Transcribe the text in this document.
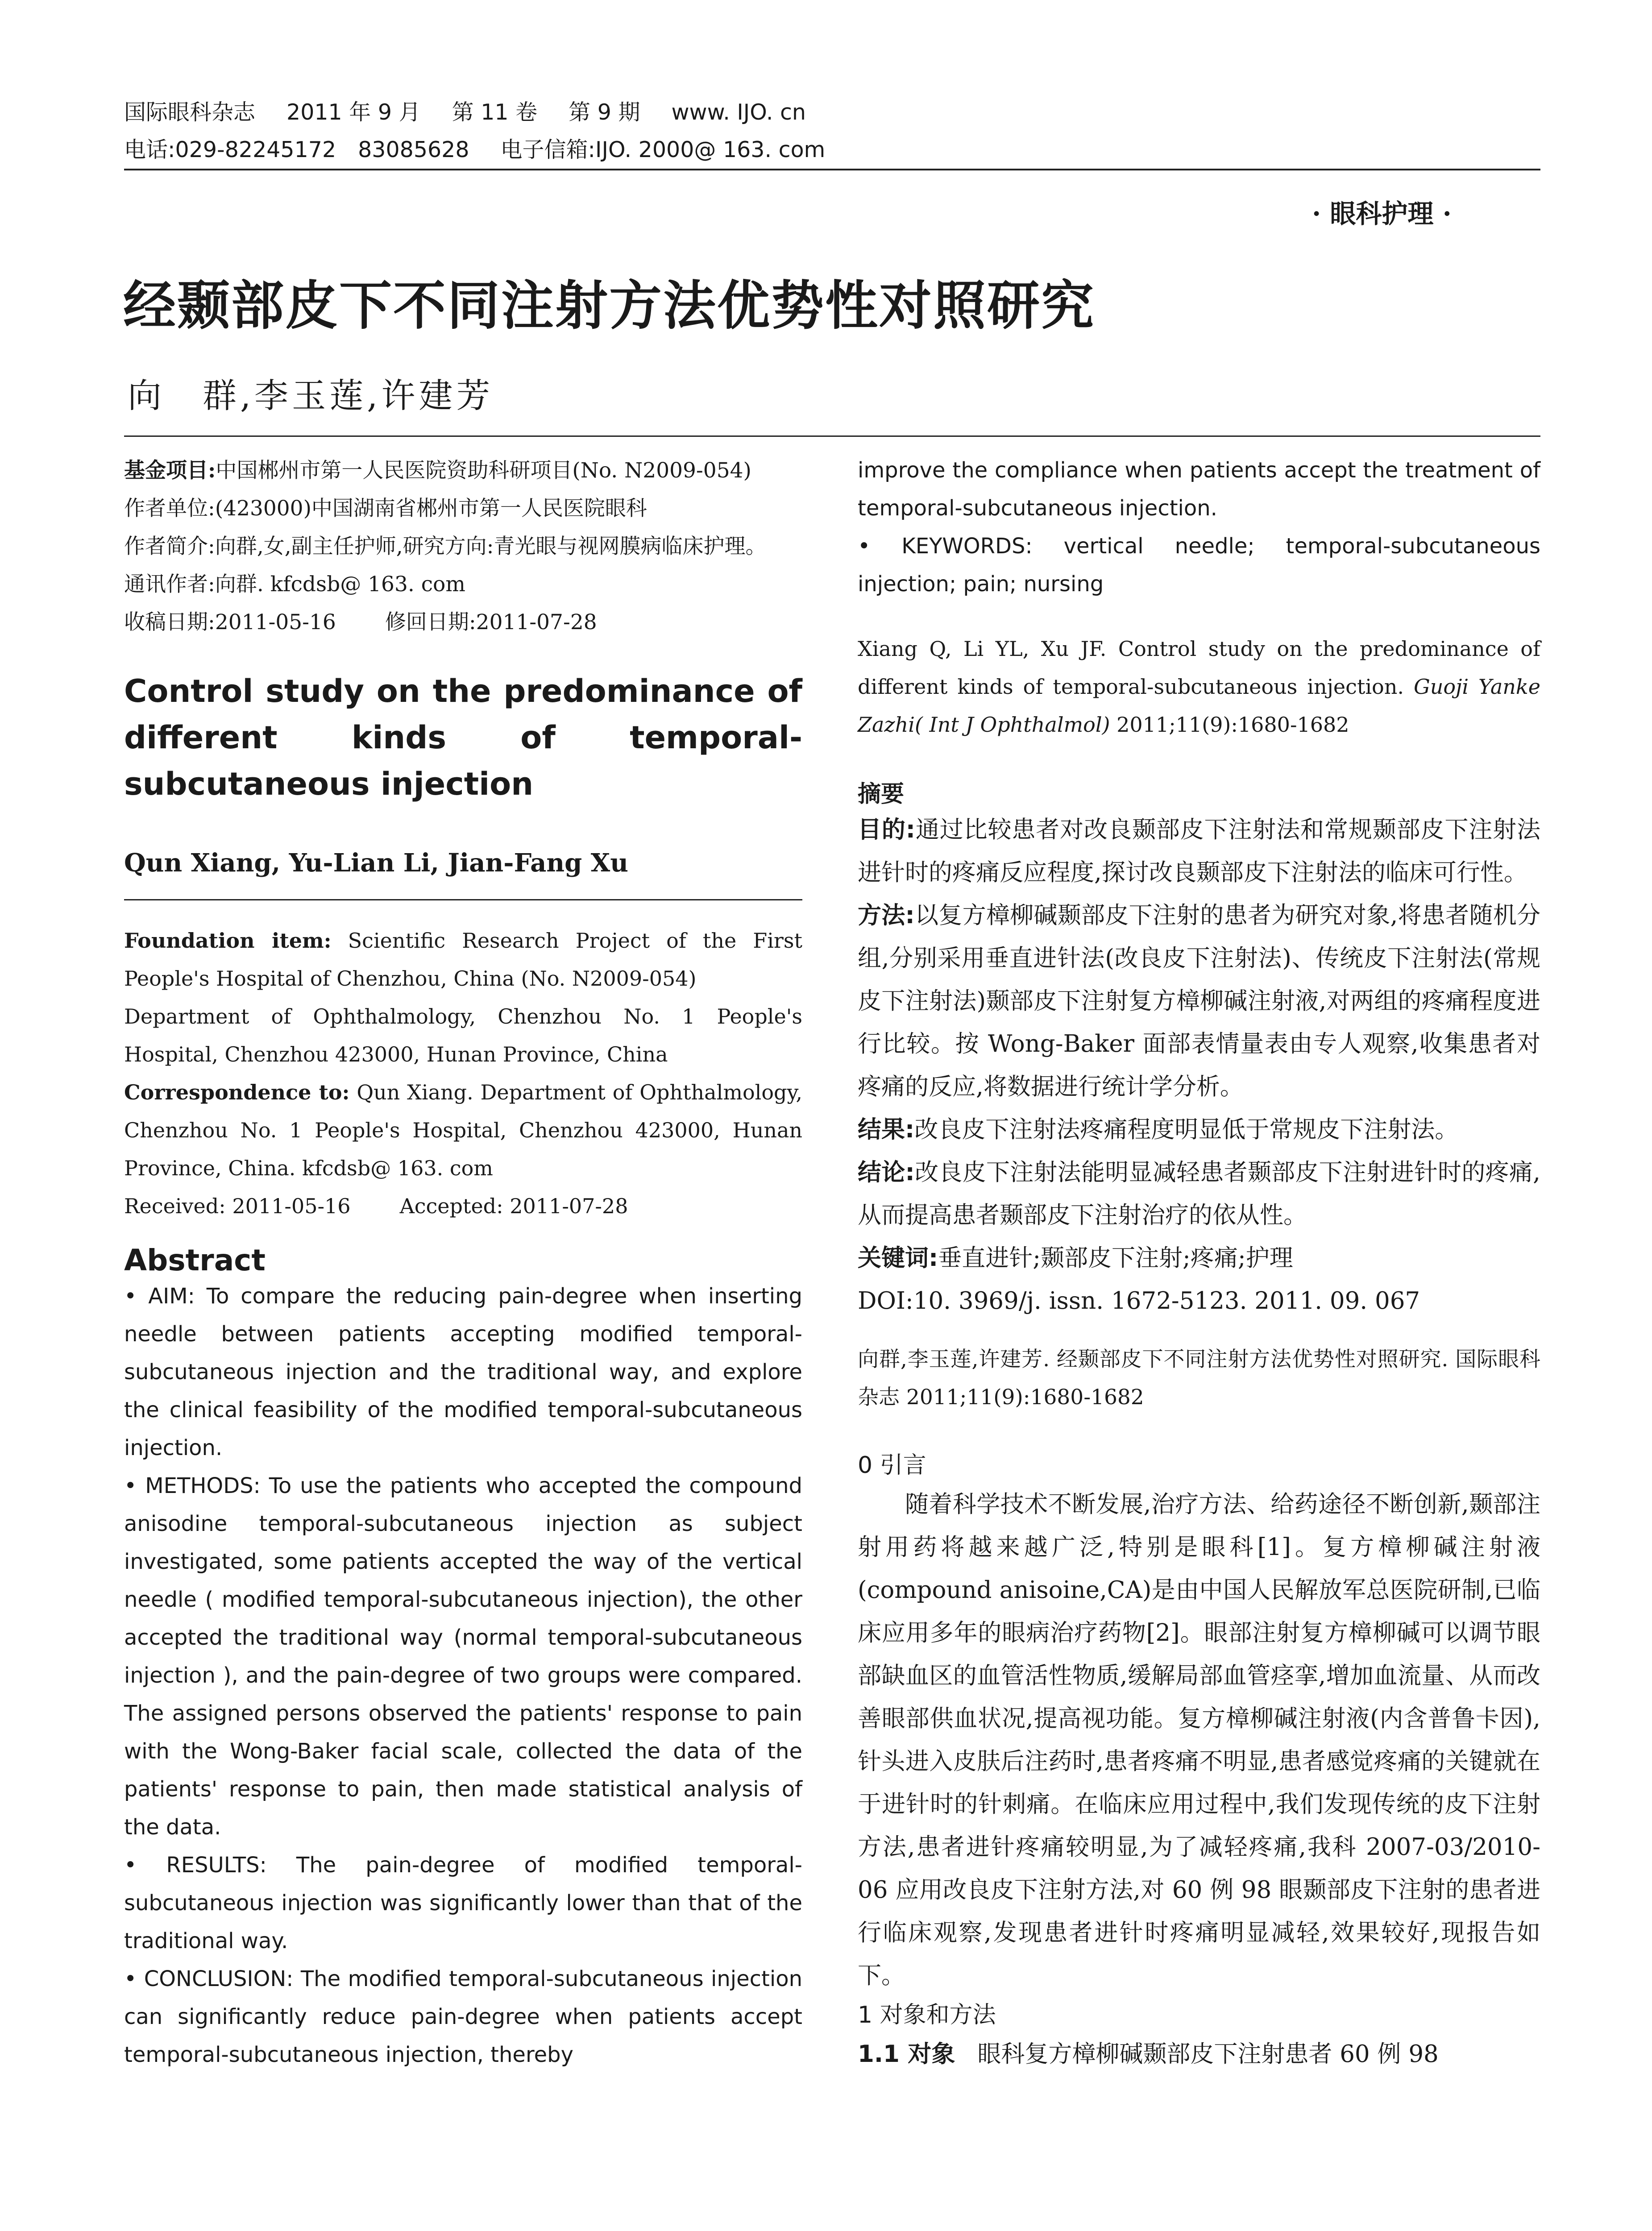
国际眼科杂志 2011 年 9 月 第 11 卷 第 9 期 www. IJO. cn
电话:029-82245172　83085628 电子信箱:IJO. 2000@ 163. com
· 眼科护理 ·
经颞部皮下不同注射方法优势性对照研究
向　群,李玉莲,许建芳

基金项目:中国郴州市第一人民医院资助科研项目(No. N2009-054)

作者单位:(423000)中国湖南省郴州市第一人民医院眼科

作者简介:向群,女,副主任护师,研究方向:青光眼与视网膜病临床护理。

通讯作者:向群. kfcdsb@ 163. com

收稿日期:2011-05-16 修回日期:2011-07-28

Control study on the predominance of different kinds of temporal-subcutaneous injection

Qun Xiang, Yu-Lian Li, Jian-Fang Xu

Foundation item: Scientific Research Project of the First People's Hospital of Chenzhou, China (No. N2009-054)

Department of Ophthalmology, Chenzhou No. 1 People's Hospital, Chenzhou 423000, Hunan Province, China

Correspondence to: Qun Xiang. Department of Ophthalmology, Chenzhou No. 1 People's Hospital, Chenzhou 423000, Hunan Province, China. kfcdsb@ 163. com

Received: 2011-05-16 Accepted: 2011-07-28

Abstract

• AIM: To compare the reducing pain-degree when inserting needle between patients accepting modified temporal-subcutaneous injection and the traditional way, and explore the clinical feasibility of the modified temporal-subcutaneous injection.

• METHODS: To use the patients who accepted the compound anisodine temporal-subcutaneous injection as subject investigated, some patients accepted the way of the vertical needle ( modified temporal-subcutaneous injection), the other accepted the traditional way (normal temporal-subcutaneous injection ), and the pain-degree of two groups were compared. The assigned persons observed the patients' response to pain with the Wong-Baker facial scale, collected the data of the patients' response to pain, then made statistical analysis of the data.

• RESULTS: The pain-degree of modified temporal-subcutaneous injection was significantly lower than that of the traditional way.

• CONCLUSION: The modified temporal-subcutaneous injection can significantly reduce pain-degree when patients accept temporal-subcutaneous injection, thereby

improve the compliance when patients accept the treatment of temporal-subcutaneous injection.

• KEYWORDS: vertical needle; temporal-subcutaneous injection; pain; nursing

Xiang Q, Li YL, Xu JF. Control study on the predominance of different kinds of temporal-subcutaneous injection. Guoji Yanke Zazhi( Int J Ophthalmol) 2011;11(9):1680-1682

摘要

目的:通过比较患者对改良颞部皮下注射法和常规颞部皮下注射法进针时的疼痛反应程度,探讨改良颞部皮下注射法的临床可行性。

方法:以复方樟柳碱颞部皮下注射的患者为研究对象,将患者随机分组,分别采用垂直进针法(改良皮下注射法)、传统皮下注射法(常规皮下注射法)颞部皮下注射复方樟柳碱注射液,对两组的疼痛程度进行比较。按 Wong-Baker 面部表情量表由专人观察,收集患者对疼痛的反应,将数据进行统计学分析。

结果:改良皮下注射法疼痛程度明显低于常规皮下注射法。

结论:改良皮下注射法能明显减轻患者颞部皮下注射进针时的疼痛,从而提高患者颞部皮下注射治疗的依从性。

关键词:垂直进针;颞部皮下注射;疼痛;护理

DOI:10. 3969/j. issn. 1672-5123. 2011. 09. 067

向群,李玉莲,许建芳. 经颞部皮下不同注射方法优势性对照研究. 国际眼科杂志 2011;11(9):1680-1682

0 引言

随着科学技术不断发展,治疗方法、给药途径不断创新,颞部注射用药将越来越广泛,特别是眼科[1]。复方樟柳碱注射液(compound anisoine,CA)是由中国人民解放军总医院研制,已临床应用多年的眼病治疗药物[2]。眼部注射复方樟柳碱可以调节眼部缺血区的血管活性物质,缓解局部血管痉挛,增加血流量、从而改善眼部供血状况,提高视功能。复方樟柳碱注射液(内含普鲁卡因),针头进入皮肤后注药时,患者疼痛不明显,患者感觉疼痛的关键就在于进针时的针刺痛。在临床应用过程中,我们发现传统的皮下注射方法,患者进针疼痛较明显,为了减轻疼痛,我科 2007-03/2010-06 应用改良皮下注射方法,对 60 例 98 眼颞部皮下注射的患者进行临床观察,发现患者进针时疼痛明显减轻,效果较好,现报告如下。

1 对象和方法

1.1 对象 眼科复方樟柳碱颞部皮下注射患者 60 例 98
